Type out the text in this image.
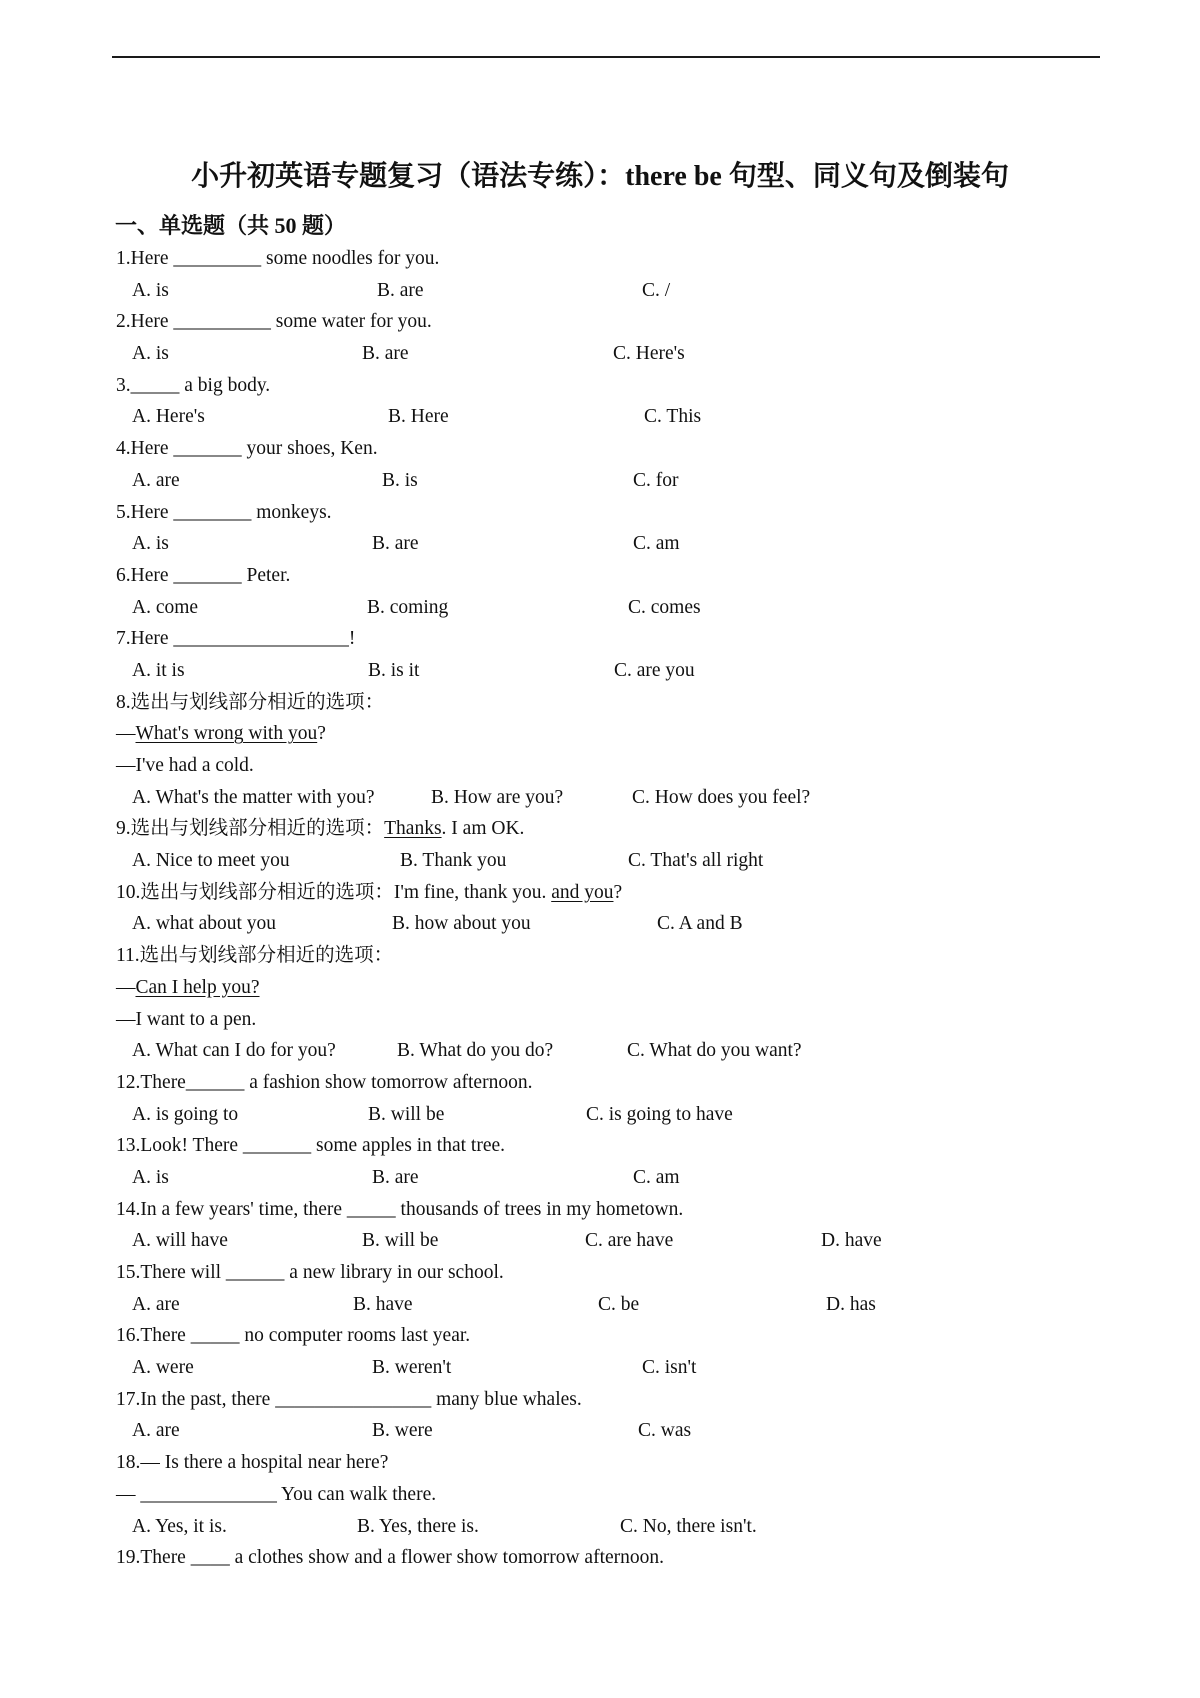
小升初英语专题复习（语法专练）：there be 句型、同义句及倒装句
一、单选题（共 50 题）
1.Here _________ some noodles for you.
A. is	B. are	C. /
2.Here __________ some water for you.
A. is	B. are	C. Here's
3._____ a big body.
A. Here's	B. Here	C. This
4.Here _______ your shoes, Ken.
A. are	B. is	C. for
5.Here ________ monkeys.
A. is	B. are	C. am
6.Here _______ Peter.
A. come	B. coming	C. comes
7.Here __________________!
A. it is	B. is it	C. are you
8.选出与划线部分相近的选项：
—What's wrong with you?
—I've had a cold.
A. What's the matter with you?	B. How are you?	C. How does you feel?
9.选出与划线部分相近的选项：Thanks. I am OK.
A. Nice to meet you	B. Thank you	C. That's all right
10.选出与划线部分相近的选项：I'm fine, thank you. and you?
A. what about you	B. how about you	C. A and B
11.选出与划线部分相近的选项：
—Can I help you?
—I want to a pen.
A. What can I do for you?	B. What do you do?	C. What do you want?
12.There______ a fashion show tomorrow afternoon.
A. is going to	B. will be	C. is going to have
13.Look! There _______ some apples in that tree.
A. is	B. are	C. am
14.In a few years' time, there _____ thousands of trees in my hometown.
A. will have	B. will be	C. are have	D. have
15.There will ______ a new library in our school.
A. are	B. have	C. be	D. has
16.There _____ no computer rooms last year.
A. were	B. weren't	C. isn't
17.In the past, there ________________ many blue whales.
A. are	B. were	C. was
18.— Is there a hospital near here?
— ______________ You can walk there.
A. Yes, it is.	B. Yes, there is.	C. No, there isn't.
19.There ____ a clothes show and a flower show tomorrow afternoon.
